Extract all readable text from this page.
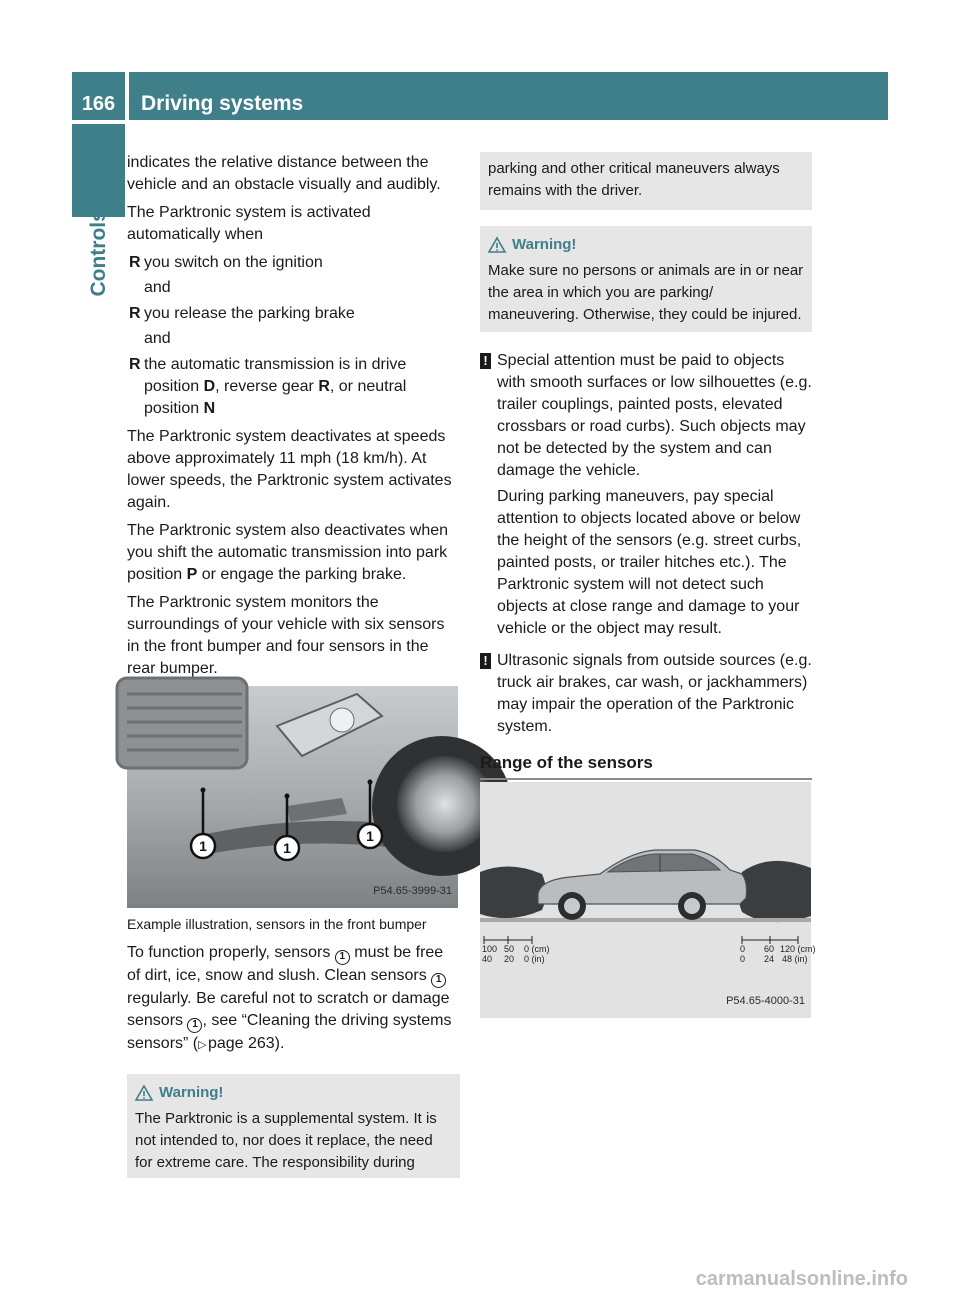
166	Driving systems
Controls in detail	indicates the relative distance between the vehicle and an obstacle visually and audibly.

The Parktronic system is activated automatically when

R you switch on the ignition
and
R you release the parking brake
and
R the automatic transmission is in drive position D, reverse gear R, or neutral position N

The Parktronic system deactivates at speeds above approximately 11 mph (18 km/h). At lower speeds, the Parktronic system activates again.

The Parktronic system also deactivates when you shift the automatic transmission into park position P or engage the parking brake.

The Parktronic system monitors the surroundings of your vehicle with six sensors in the front bumper and four sensors in the rear bumper.

1	1
1
P54.65-3999-31

Example illustration, sensors in the front bumper

To function properly, sensors 1 must be free of dirt, ice, snow and slush. Clean sensors 1 regularly. Be careful not to scratch or damage sensors 1 , see “Cleaning the driving systems sensors” (▷ page 263).

Warning!

The Parktronic is a supplemental system. It is not intended to, nor does it replace, the need for extreme care. The responsibility during

parking and other critical maneuvers always remains with the driver.

Warning!

Make sure no persons or animals are in or near the area in which you are parking/ maneuvering. Otherwise, they could be injured.

! Special attention must be paid to objects with smooth surfaces or low silhouettes (e.g. trailer couplings, painted posts, elevated crossbars or road curbs). Such objects may not be detected by the system and can damage the vehicle.

During parking maneuvers, pay special attention to objects located above or below the height of the sensors (e.g. street curbs, painted posts, or trailer hitches etc.). The Parktronic system will not detect such objects at close range and damage to your vehicle or the object may result.

! Ultrasonic signals from outside sources (e.g. truck air brakes, car wash, or jackhammers) may impair the operation of the Parktronic system.

Range of the sensors
100 50 0 (cm)
40 20 0 (in)
0 60 120 (cm)
0 24 48 (in)
P54.65-4000-31
carmanualsonline.info
